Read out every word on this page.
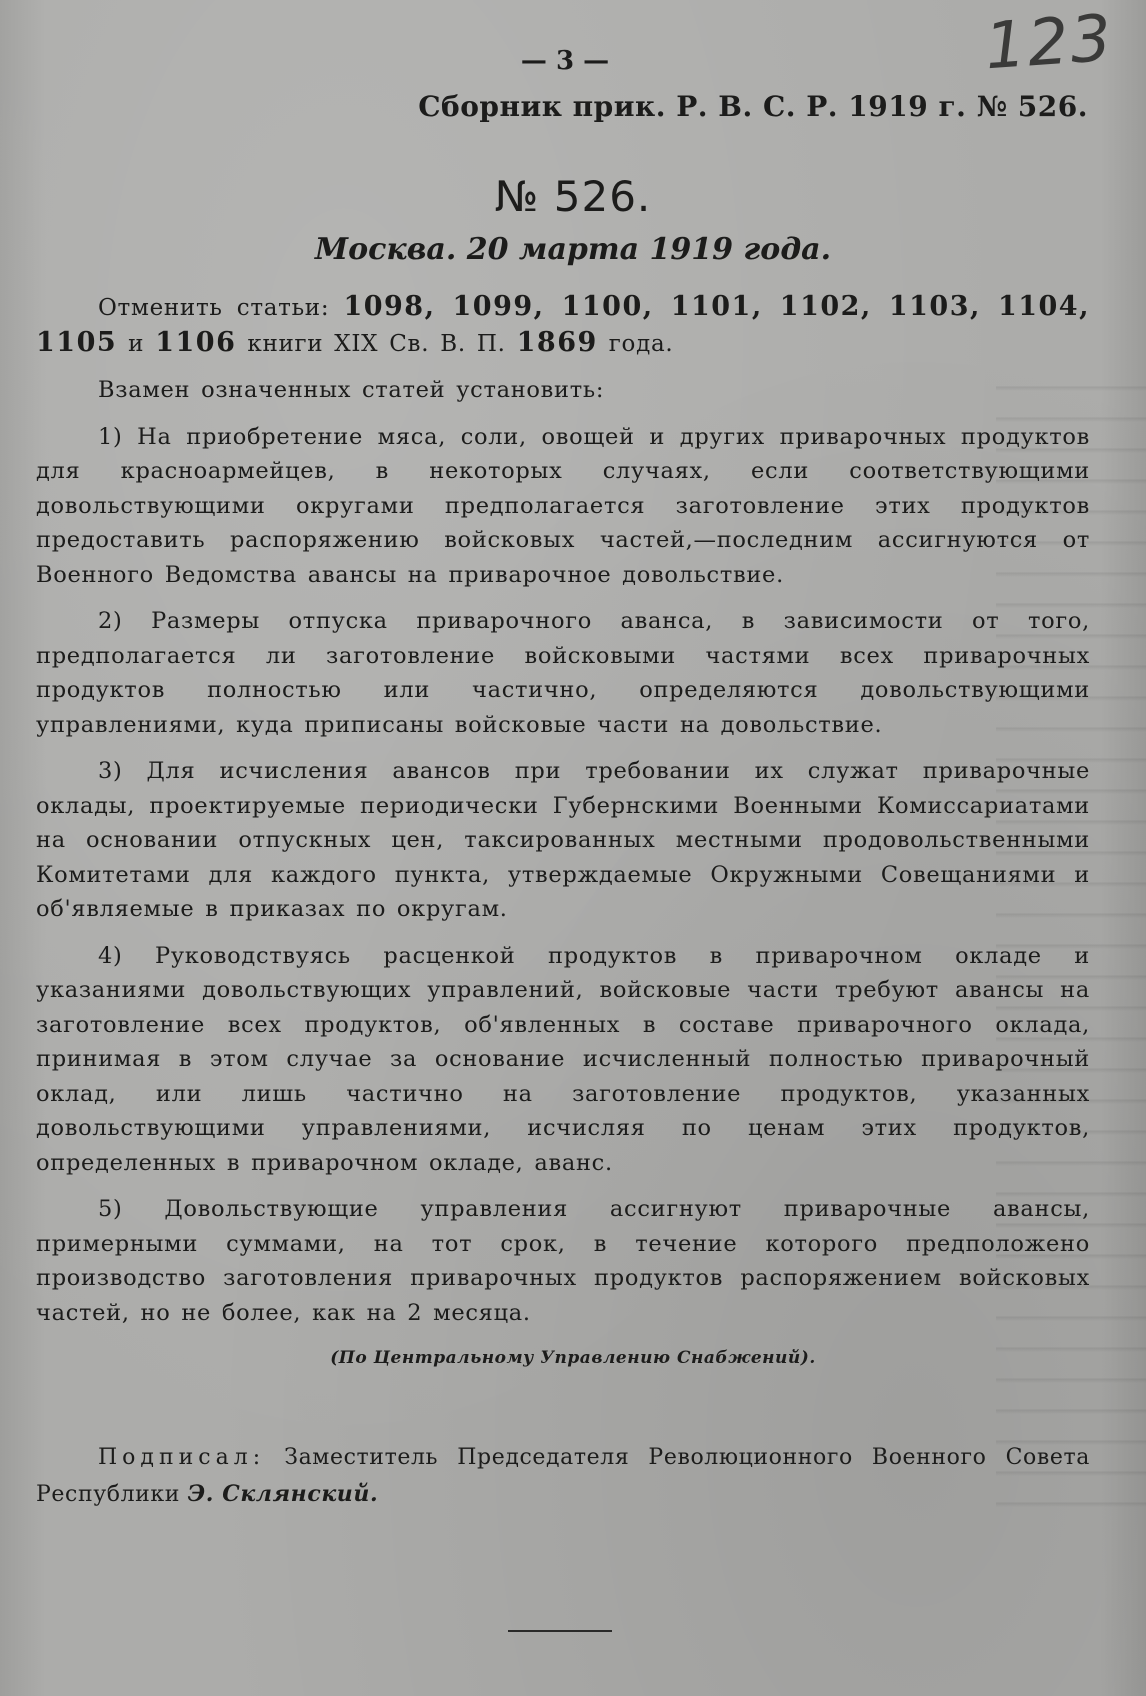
123
— 3 —
Сборник прик. Р. В. С. Р. 1919 г. № 526.
№ 526.
Москва. 20 марта 1919 года.

Отменить статьи: 1098, 1099, 1100, 1101, 1102, 1103, 1104, 1105 и 1106 книги XIX Св. В. П. 1869 года.

Взамен означенных статей установить:

1) На приобретение мяса, соли, овощей и других приварочных продуктов для красноармейцев, в некоторых случаях, если соответствующими довольствующими округами предполагается заготовление этих продуктов предоставить распоряжению войсковых частей,—последним ассигнуются от Военного Ведомства авансы на приварочное довольствие.

2) Размеры отпуска приварочного аванса, в зависимости от того, предполагается ли заготовление войсковыми частями всех приварочных продуктов полностью или частично, определяются довольствующими управлениями, куда приписаны войсковые части на довольствие.

3) Для исчисления авансов при требовании их служат приварочные оклады, проектируемые периодически Губернскими Военными Комиссариатами на основании отпускных цен, таксированных местными продовольственными Комитетами для каждого пункта, утверждаемые Окружными Совещаниями и об'являемые в приказах по округам.

4) Руководствуясь расценкой продуктов в приварочном окладе и указаниями довольствующих управлений, войсковые части требуют авансы на заготовление всех продуктов, об'явленных в составе приварочного оклада, принимая в этом случае за основание исчисленный полностью приварочный оклад, или лишь частично на заготовление продуктов, указанных довольствующими управлениями, исчисляя по ценам этих продуктов, определенных в приварочном окладе, аванс.

5) Довольствующие управления ассигнуют приварочные авансы, примерными суммами, на тот срок, в течение которого предположено производство заготовления приварочных продуктов распоряжением войсковых частей, но не более, как на 2 месяца.

(По Центральному Управлению Снабжений).
Подписал: Заместитель Председателя Революционного Военного Совета Республики Э. Склянский.
